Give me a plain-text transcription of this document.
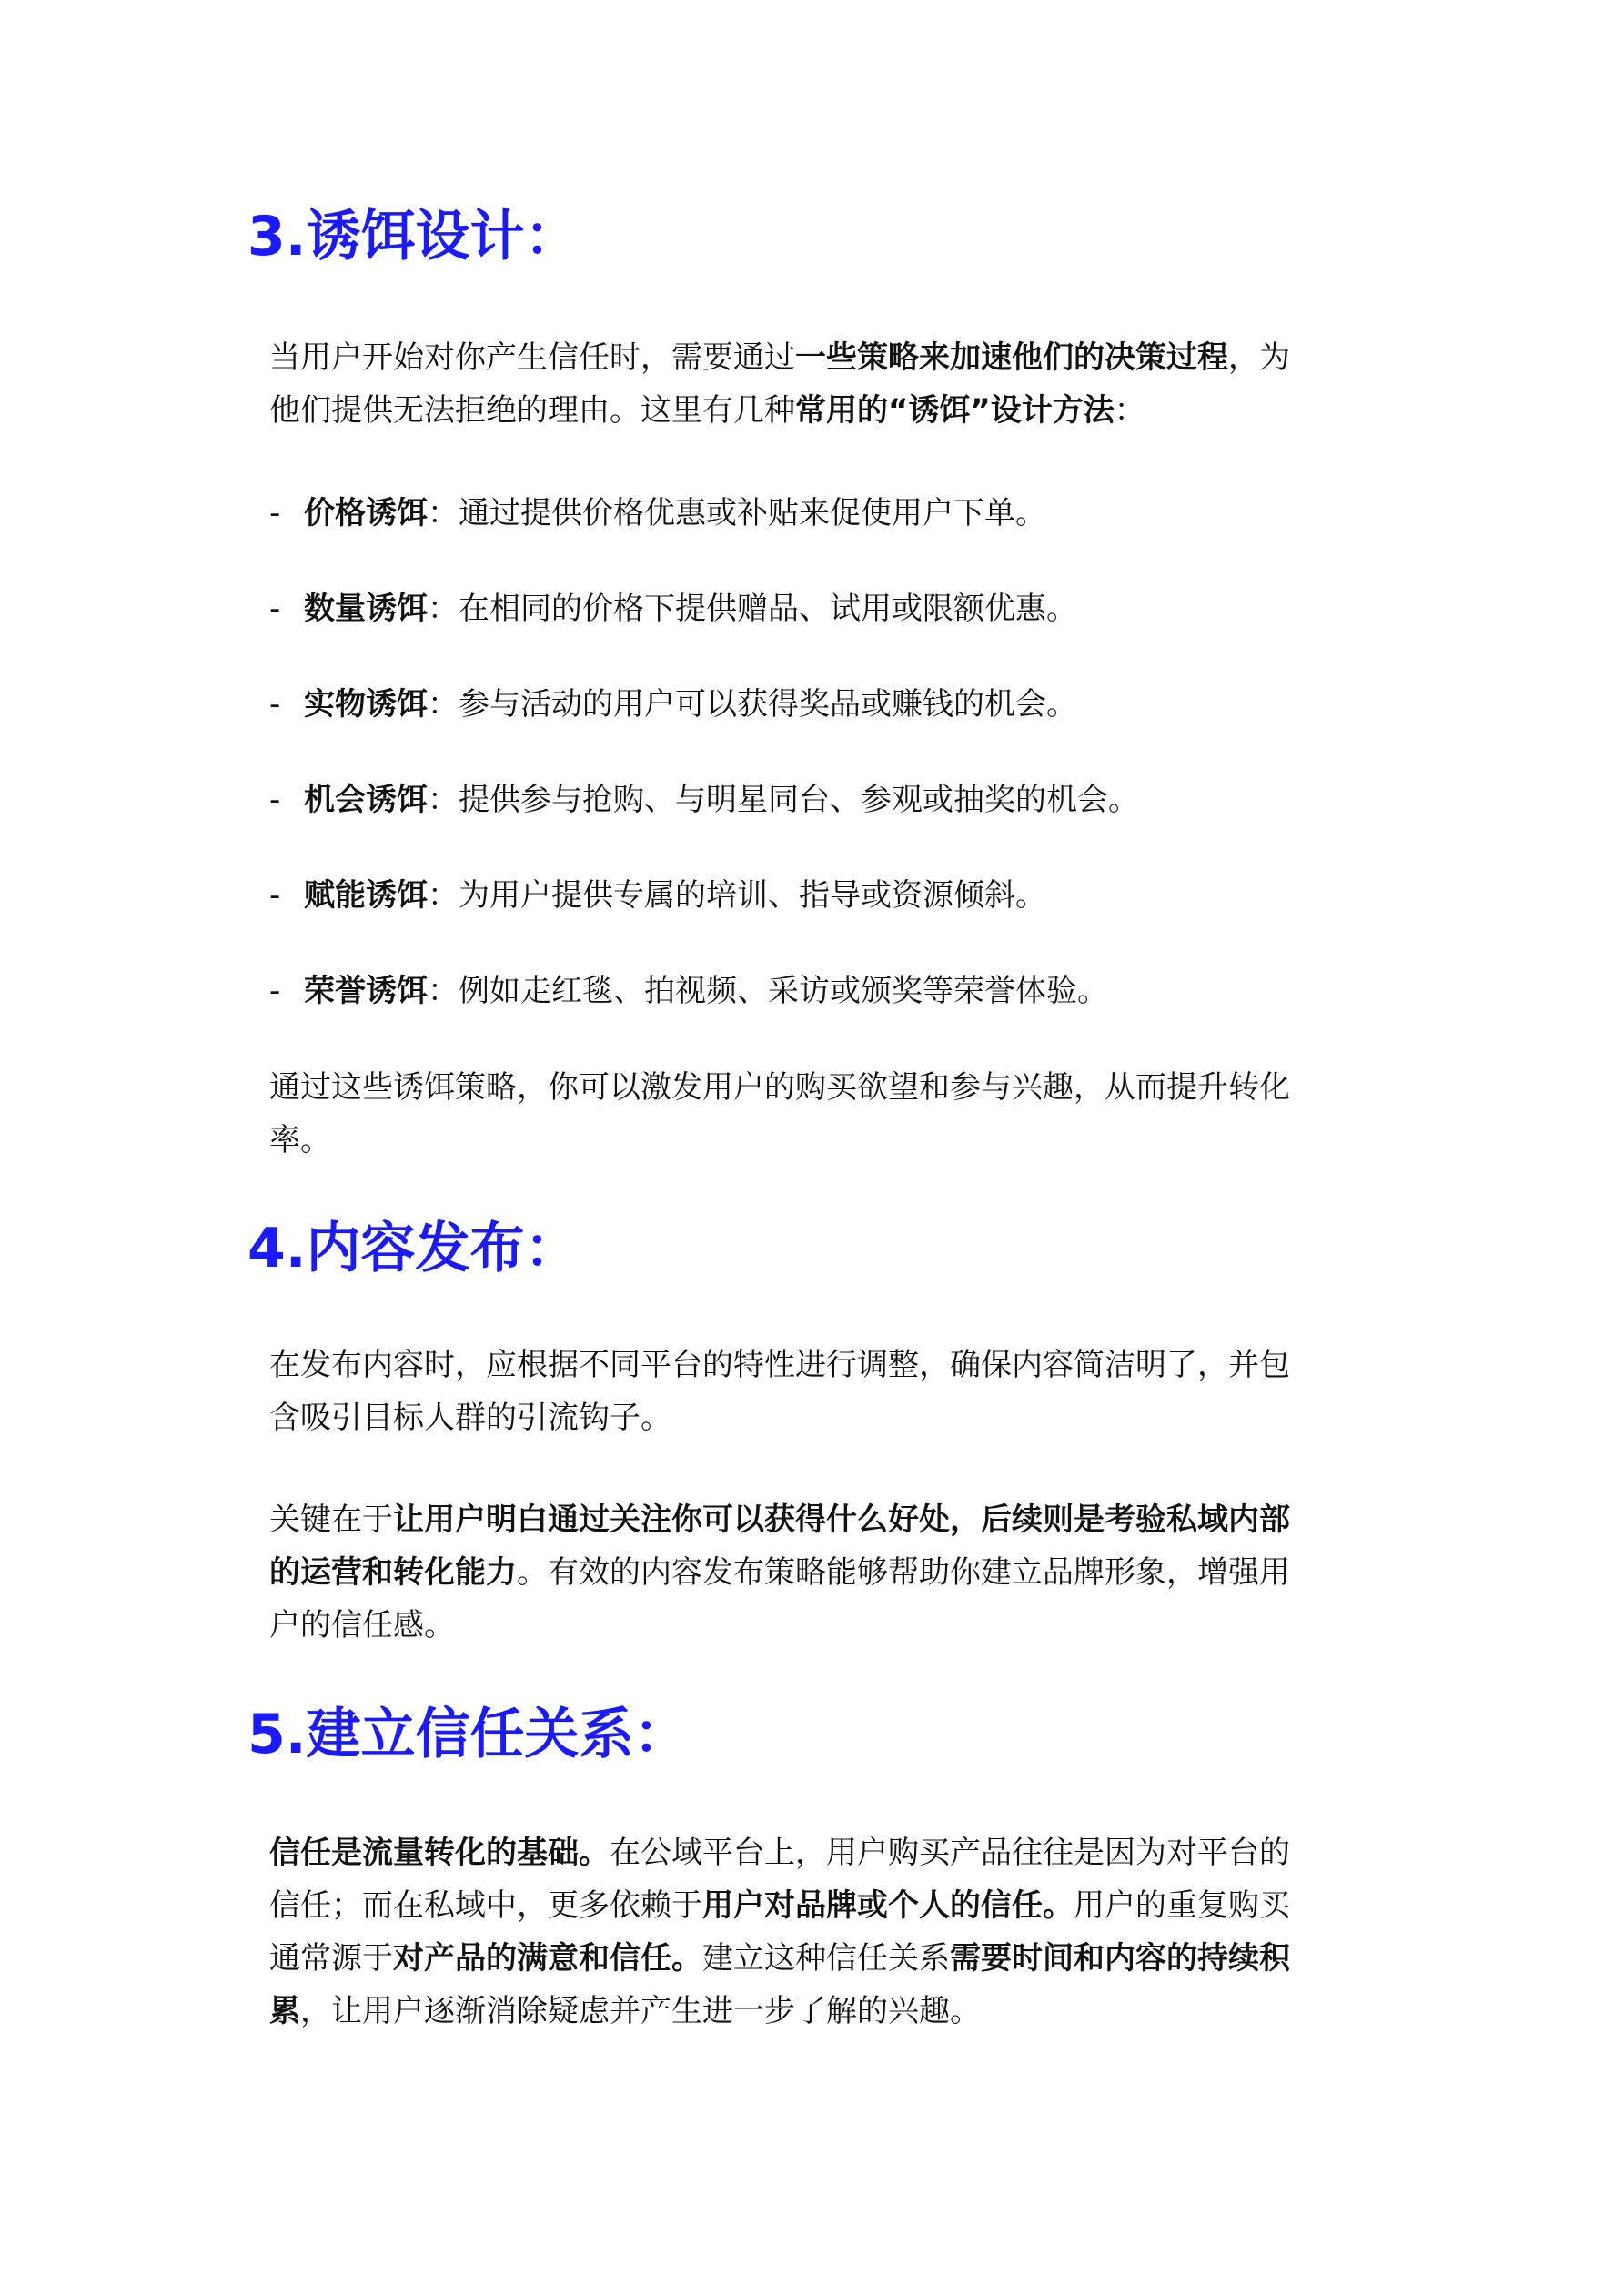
3.诱饵设计：

当用户开始对你产生信任时，需要通过一些策略来加速他们的决策过程，为
他们提供无法拒绝的理由。这里有几种常用的“诱饵”设计方法：

- 价格诱饵：通过提供价格优惠或补贴来促使用户下单。

- 数量诱饵：在相同的价格下提供赠品、试用或限额优惠。

- 实物诱饵：参与活动的用户可以获得奖品或赚钱的机会。

- 机会诱饵：提供参与抢购、与明星同台、参观或抽奖的机会。

- 赋能诱饵：为用户提供专属的培训、指导或资源倾斜。

- 荣誉诱饵：例如走红毯、拍视频、采访或颁奖等荣誉体验。

通过这些诱饵策略，你可以激发用户的购买欲望和参与兴趣，从而提升转化
率。

4.内容发布：

在发布内容时，应根据不同平台的特性进行调整，确保内容简洁明了，并包
含吸引目标人群的引流钩子。

关键在于让用户明白通过关注你可以获得什么好处，后续则是考验私域内部
的运营和转化能力。有效的内容发布策略能够帮助你建立品牌形象，增强用
户的信任感。

5.建立信任关系：

信任是流量转化的基础。在公域平台上，用户购买产品往往是因为对平台的
信任；而在私域中，更多依赖于用户对品牌或个人的信任。用户的重复购买
通常源于对产品的满意和信任。建立这种信任关系需要时间和内容的持续积
累，让用户逐渐消除疑虑并产生进一步了解的兴趣。
